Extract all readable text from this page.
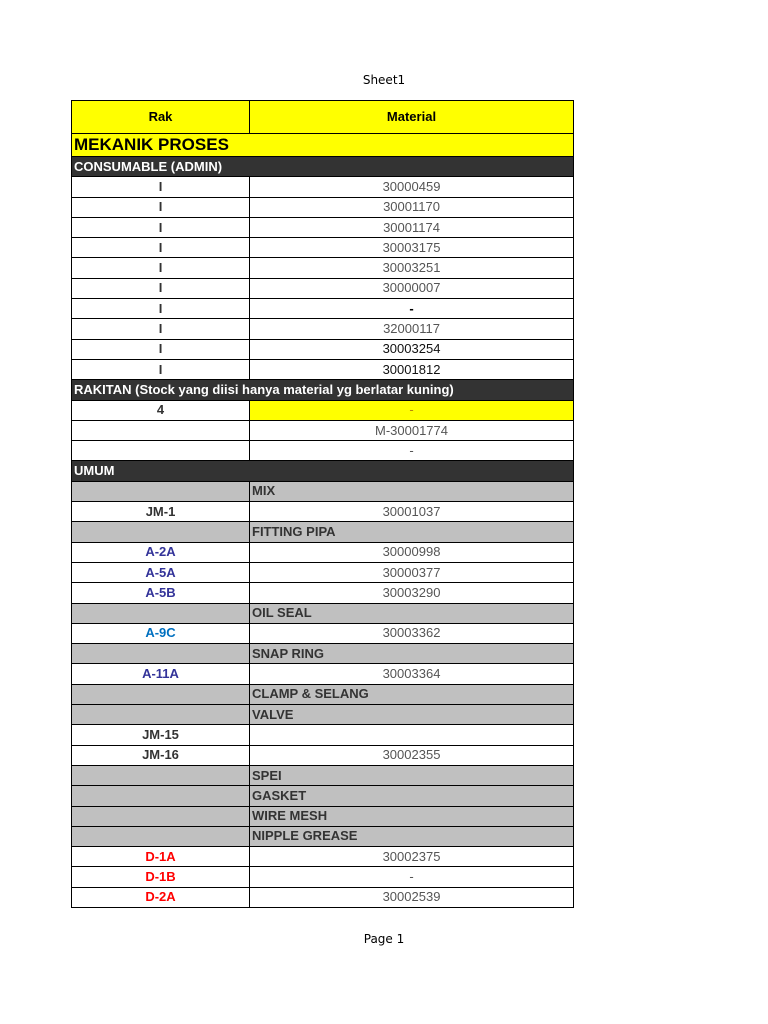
Sheet1
Rak	Material
MEKANIK PROSES	
CONSUMABLE (ADMIN)	
I	30000459
I	30001170
I	30001174
I	30003175
I	30003251
I	30000007
I	-
I	32000117
I	30003254
I	30001812
RAKITAN (Stock yang diisi hanya material yg berlatar kuning)	
4	-
	M-30001774
	-
UMUM	
	MIX
JM-1	30001037
	FITTING PIPA
A-2A	30000998
A-5A	30000377
A-5B	30003290
	OIL SEAL
A-9C	30003362
	SNAP RING
A-11A	30003364
	CLAMP & SELANG
	VALVE
JM-15	
JM-16	30002355
	SPEI
	GASKET
	WIRE MESH
	NIPPLE GREASE
D-1A	30002375
D-1B	-
D-2A	30002539
Page 1
